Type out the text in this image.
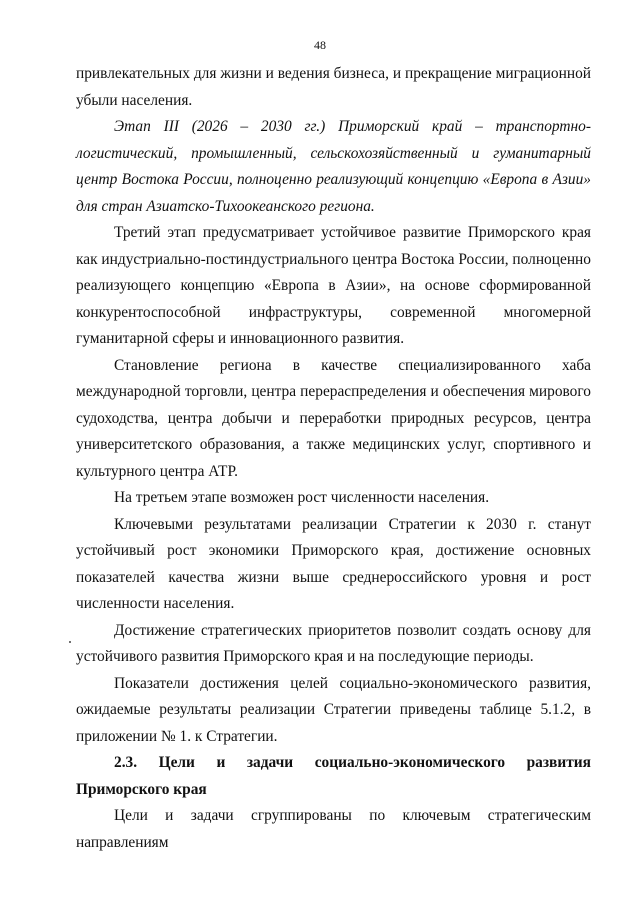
48

привлекательных для жизни и ведения бизнеса, и прекращение миграционной убыли населения.

Этап III (2026 – 2030 гг.) Приморский край – транспортно-логистический, промышленный, сельскохозяйственный и гуманитарный центр Востока России, полноценно реализующий концепцию «Европа в Азии» для стран Азиатско-Тихоокеанского региона.

Третий этап предусматривает устойчивое развитие Приморского края как индустриально-постиндустриального центра Востока России, полноценно реализующего концепцию «Европа в Азии», на основе сформированной конкурентоспособной инфраструктуры, современной многомерной гуманитарной сферы и инновационного развития.

Становление региона в качестве специализированного хаба международной торговли, центра перераспределения и обеспечения мирового судоходства, центра добычи и переработки природных ресурсов, центра университетского образования, а также медицинских услуг, спортивного и культурного центра АТР.

На третьем этапе возможен рост численности населения.

Ключевыми результатами реализации Стратегии к 2030 г. станут устойчивый рост экономики Приморского края, достижение основных показателей качества жизни выше среднероссийского уровня и рост численности населения.

Достижение стратегических приоритетов позволит создать основу для устойчивого развития Приморского края и на последующие периоды.

Показатели достижения целей социально-экономического развития, ожидаемые результаты реализации Стратегии приведены таблице 5.1.2, в приложении № 1. к Стратегии.

2.3. Цели и задачи социально-экономического развития Приморского края

Цели и задачи сгруппированы по ключевым стратегическим направлениям
